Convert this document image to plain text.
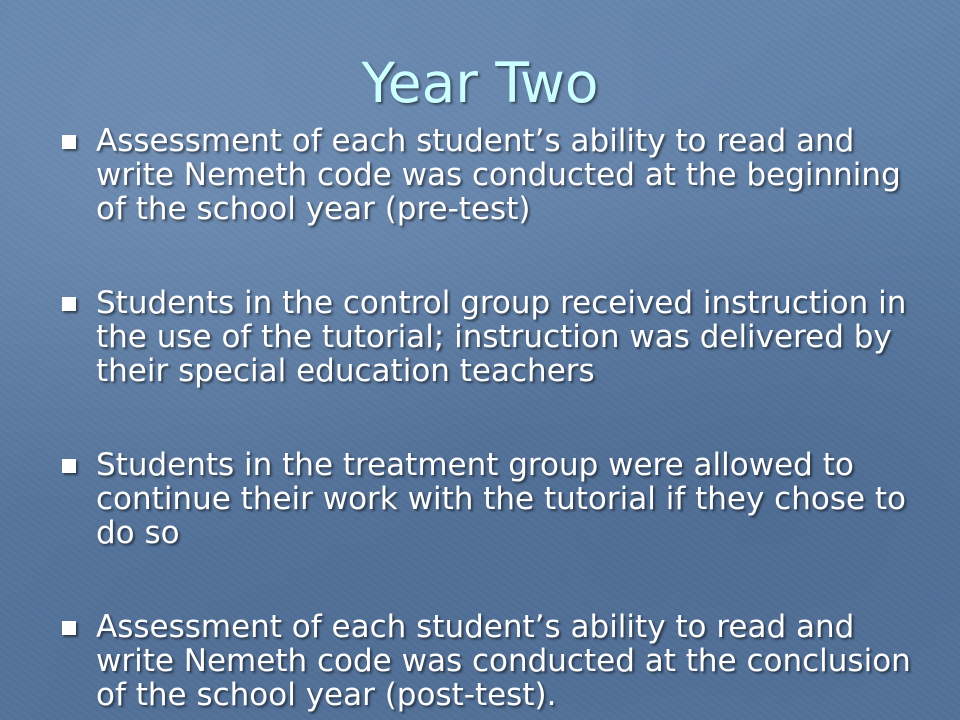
Year Two
Assessment of each student’s ability to read and write Nemeth code was conducted at the beginning of the school year (pre-test)
Students in the control group received instruction in the use of the tutorial; instruction was delivered by their special education teachers
Students in the treatment group were allowed to continue their work with the tutorial if they chose to do so
Assessment of each student’s ability to read and write Nemeth code was conducted at the conclusion of the school year (post-test).
